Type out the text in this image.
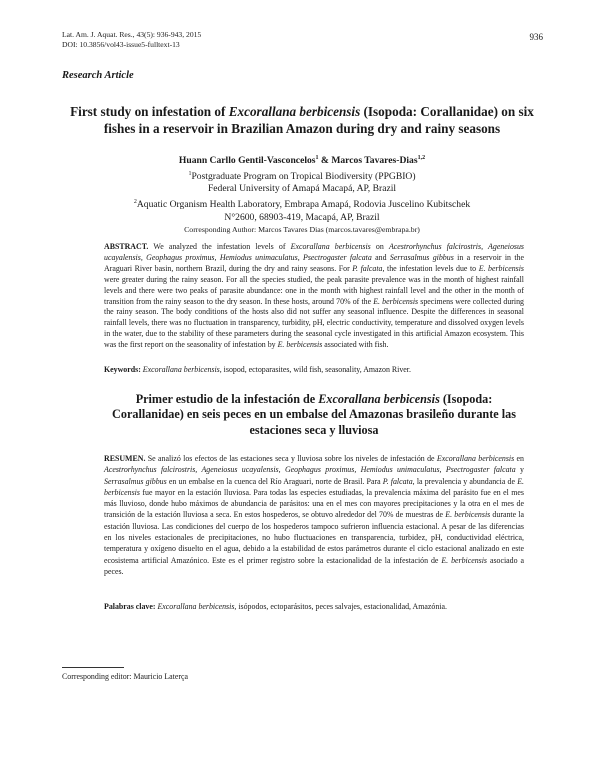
Lat. Am. J. Aquat. Res., 43(5): 936-943, 2015
DOI: 10.3856/vol43-issue5-fulltext-13
936
Research Article
First study on infestation of Excorallana berbicensis (Isopoda: Corallanidae) on six fishes in a reservoir in Brazilian Amazon during dry and rainy seasons
Huann Carllo Gentil-Vasconcelos$^1$ & Marcos Tavares-Dias$^{1,2}$
$^1$Postgraduate Program on Tropical Biodiversity (PPGBIO)
Federal University of Amapá Macapá, AP, Brazil
$^2$Aquatic Organism Health Laboratory, Embrapa Amapá, Rodovia Juscelino Kubitschek
N°2600, 68903-419, Macapá, AP, Brazil
Corresponding Author: Marcos Tavares Dias (marcos.tavares@embrapa.br)
ABSTRACT. We analyzed the infestation levels of Excorallana berbicensis on Acestrorhynchus falcirostris, Ageneiosus ucayalensis, Geophagus proximus, Hemiodus unimaculatus, Psectrogaster falcata and Serrasalmus gibbus in a reservoir in the Araguari River basin, northern Brazil, during the dry and rainy seasons. For P. falcata, the infestation levels due to E. berbicensis were greater during the rainy season. For all the species studied, the peak parasite prevalence was in the month of highest rainfall levels and there were two peaks of parasite abundance: one in the month with highest rainfall level and the other in the month of transition from the rainy season to the dry season. In these hosts, around 70% of the E. berbicensis specimens were collected during the rainy season. The body conditions of the hosts also did not suffer any seasonal influence. Despite the differences in seasonal rainfall levels, there was no fluctuation in transparency, turbidity, pH, electric conductivity, temperature and dissolved oxygen levels in the water, due to the stability of these parameters during the seasonal cycle investigated in this artificial Amazon ecosystem. This was the first report on the seasonality of infestation by E. berbicensis associated with fish.
Keywords: Excorallana berbicensis, isopod, ectoparasites, wild fish, seasonality, Amazon River.
Primer estudio de la infestación de Excorallana berbicensis (Isopoda: Corallanidae) en seis peces en un embalse del Amazonas brasileño durante las estaciones seca y lluviosa
RESUMEN. Se analizó los efectos de las estaciones seca y lluviosa sobre los niveles de infestación de Excorallana berbicensis en Acestrorhynchus falcirostris, Ageneiosus ucayalensis, Geophagus proximus, Hemiodus unimaculatus, Psectrogaster falcata y Serrasalmus gibbus en un embalse en la cuenca del Río Araguari, norte de Brasil. Para P. falcata, la prevalencia y abundancia de E. berbicensis fue mayor en la estación lluviosa. Para todas las especies estudiadas, la prevalencia máxima del parásito fue en el mes más lluvioso, donde hubo máximos de abundancia de parásitos: una en el mes con mayores precipitaciones y la otra en el mes de transición de la estación lluviosa a seca. En estos hospederos, se obtuvo alrededor del 70% de muestras de E. berbicensis durante la estación lluviosa. Las condiciones del cuerpo de los hospederos tampoco sufrieron influencia estacional. A pesar de las diferencias en los niveles estacionales de precipitaciones, no hubo fluctuaciones en transparencia, turbidez, pH, conductividad eléctrica, temperatura y oxígeno disuelto en el agua, debido a la estabilidad de estos parámetros durante el ciclo estacional analizado en este ecosistema artificial Amazónico. Este es el primer registro sobre la estacionalidad de la infestación de E. berbicensis asociado a peces.
Palabras clave: Excorallana berbicensis, isópodos, ectoparásitos, peces salvajes, estacionalidad, Amazónia.
Corresponding editor: Mauricio Laterça
